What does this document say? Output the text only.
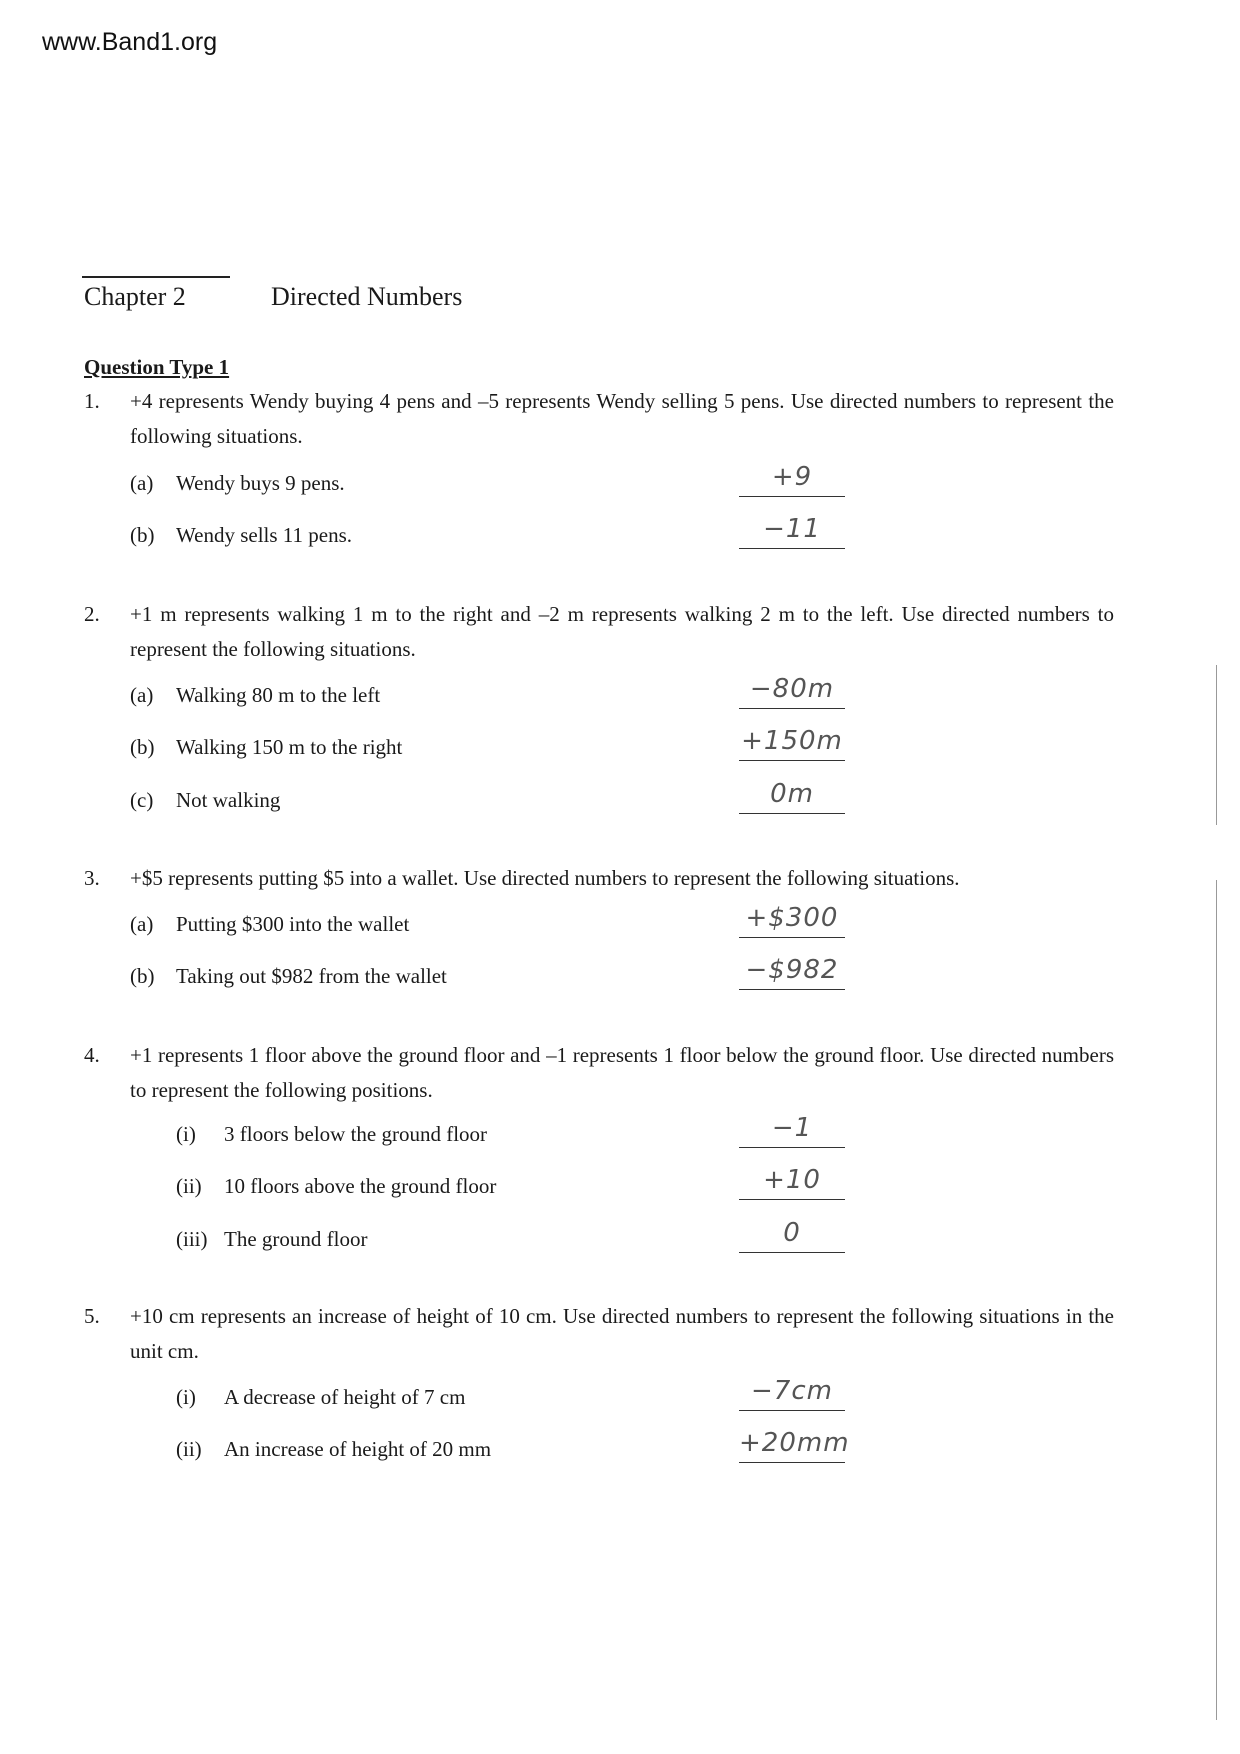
www.Band1.org
Chapter 2	Directed Numbers
Question Type 1
1. +4 represents Wendy buying 4 pens and –5 represents Wendy selling 5 pens. Use directed numbers to represent the following situations.
(a) Wendy buys 9 pens.	+9
(b) Wendy sells 11 pens.	−11
2. +1 m represents walking 1 m to the right and –2 m represents walking 2 m to the left. Use directed numbers to represent the following situations.
(a) Walking 80 m to the left	−80m
(b) Walking 150 m to the right	+150m
(c) Not walking	0m
3. +$5 represents putting $5 into a wallet. Use directed numbers to represent the following situations.
(a) Putting $300 into the wallet	+$300
(b) Taking out $982 from the wallet	−$982
4. +1 represents 1 floor above the ground floor and –1 represents 1 floor below the ground floor. Use directed numbers to represent the following positions.
(i) 3 floors below the ground floor	−1
(ii) 10 floors above the ground floor	+10
(iii) The ground floor	0
5. +10 cm represents an increase of height of 10 cm. Use directed numbers to represent the following situations in the unit cm.
(i) A decrease of height of 7 cm	−7cm
(ii) An increase of height of 20 mm	+20mm
